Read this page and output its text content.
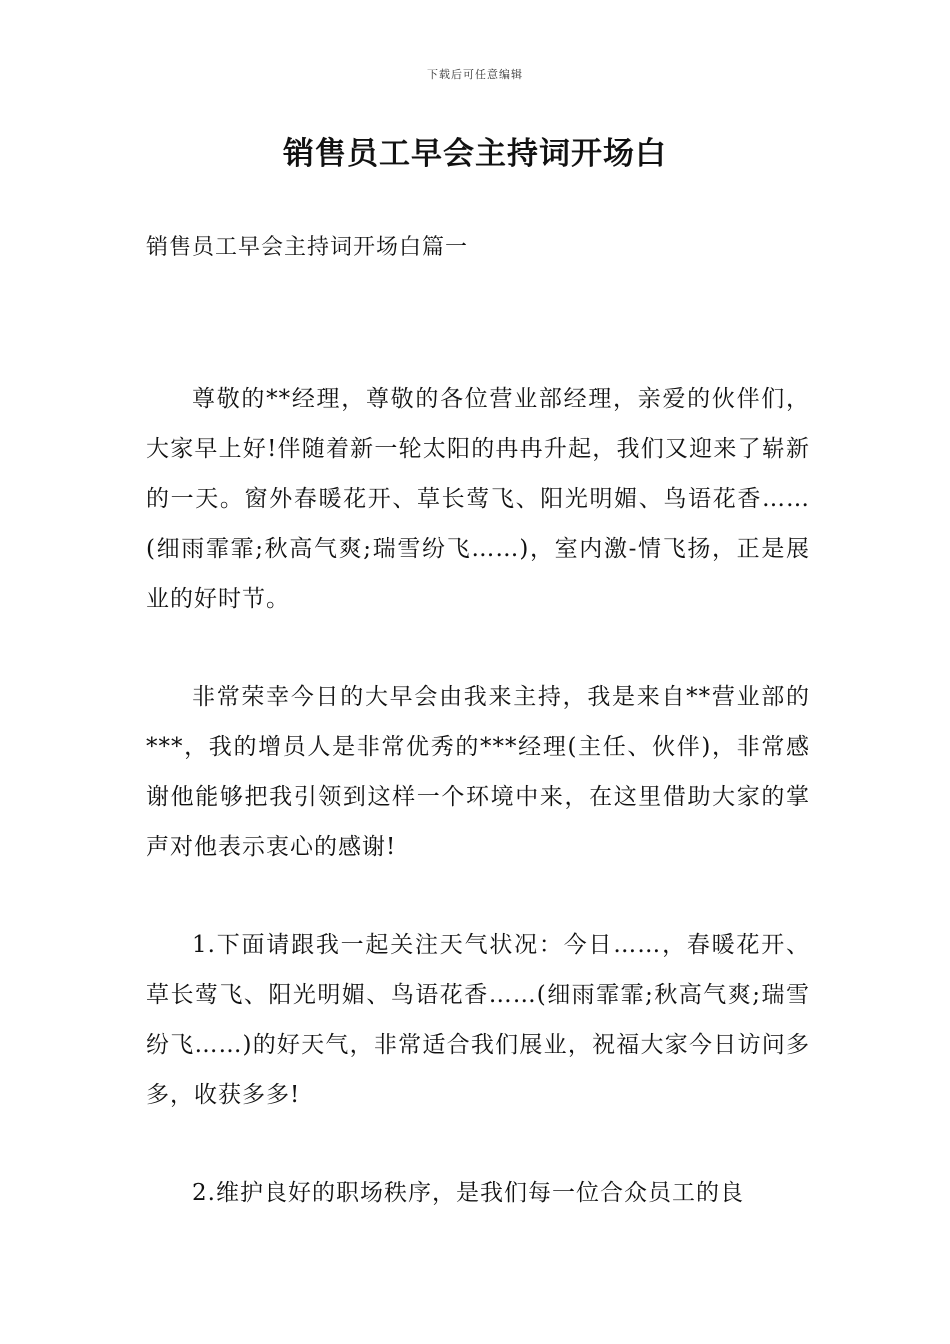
下载后可任意编辑
销售员工早会主持词开场白
销售员工早会主持词开场白篇一

尊敬的**经理，尊敬的各位营业部经理，亲爱的伙伴们，大家早上好!伴随着新一轮太阳的冉冉升起，我们又迎来了崭新的一天。窗外春暖花开、草长莺飞、阳光明媚、鸟语花香……(细雨霏霏;秋高气爽;瑞雪纷飞……)，室内激-情飞扬，正是展业的好时节。

非常荣幸今日的大早会由我来主持，我是来自**营业部的***，我的增员人是非常优秀的***经理(主任、伙伴)，非常感谢他能够把我引领到这样一个环境中来，在这里借助大家的掌声对他表示衷心的感谢!

1.下面请跟我一起关注天气状况：今日……，春暖花开、草长莺飞、阳光明媚、鸟语花香……(细雨霏霏;秋高气爽;瑞雪纷飞……)的好天气，非常适合我们展业，祝福大家今日访问多多，收获多多!

2.维护良好的职场秩序，是我们每一位合众员工的良
